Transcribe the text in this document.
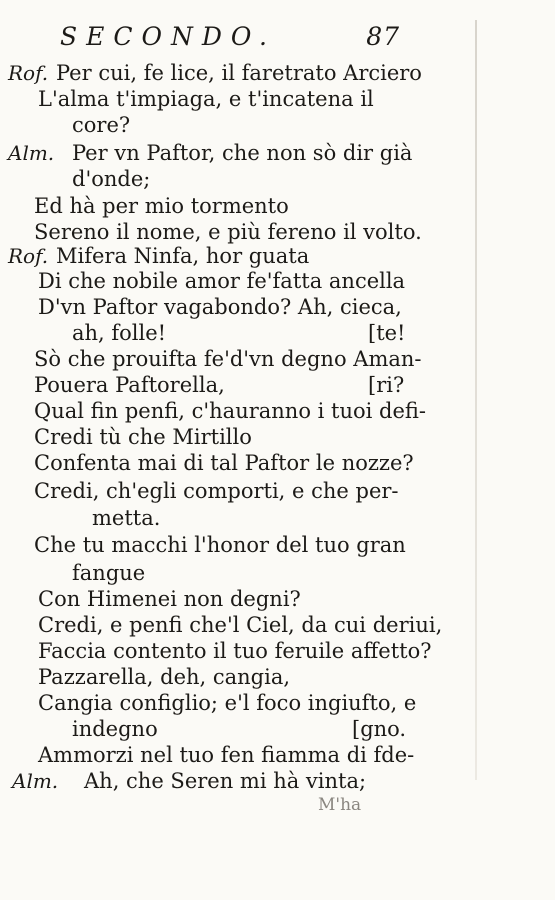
SECONDO.	87
Rof. Per cui, fe lice, il faretrato Arciero
L'alma t'impiaga, e t'incatena il
core?
Alm. Per vn Paftor, che non sò dir già
d'onde;
Ed hà per mio tormento
Sereno il nome, e più fereno il volto.
Rof. Mifera Ninfa, hor guata
Di che nobile amor fe'fatta ancella
D'vn Paftor vagabondo? Ah, cieca,
ah, folle!	[te!
Sò che prouifta fe'd'vn degno Aman-
Pouera Paftorella,	[ri?
Qual fin penfi, c'hauranno i tuoi defi-
Credi tù che Mirtillo
Confenta mai di tal Paftor le nozze?
Credi, ch'egli comporti, e che per-
metta.
Che tu macchi l'honor del tuo gran
fangue
Con Himenei non degni?
Credi, e penfi che'l Ciel, da cui deriui,
Faccia contento il tuo feruile affetto?
Pazzarella, deh, cangia,
Cangia configlio; e'l foco ingiufto, e
indegno	[gno.
Ammorzi nel tuo fen fiamma di fde-
Alm. Ah, che Seren mi hà vinta;
M'ha
